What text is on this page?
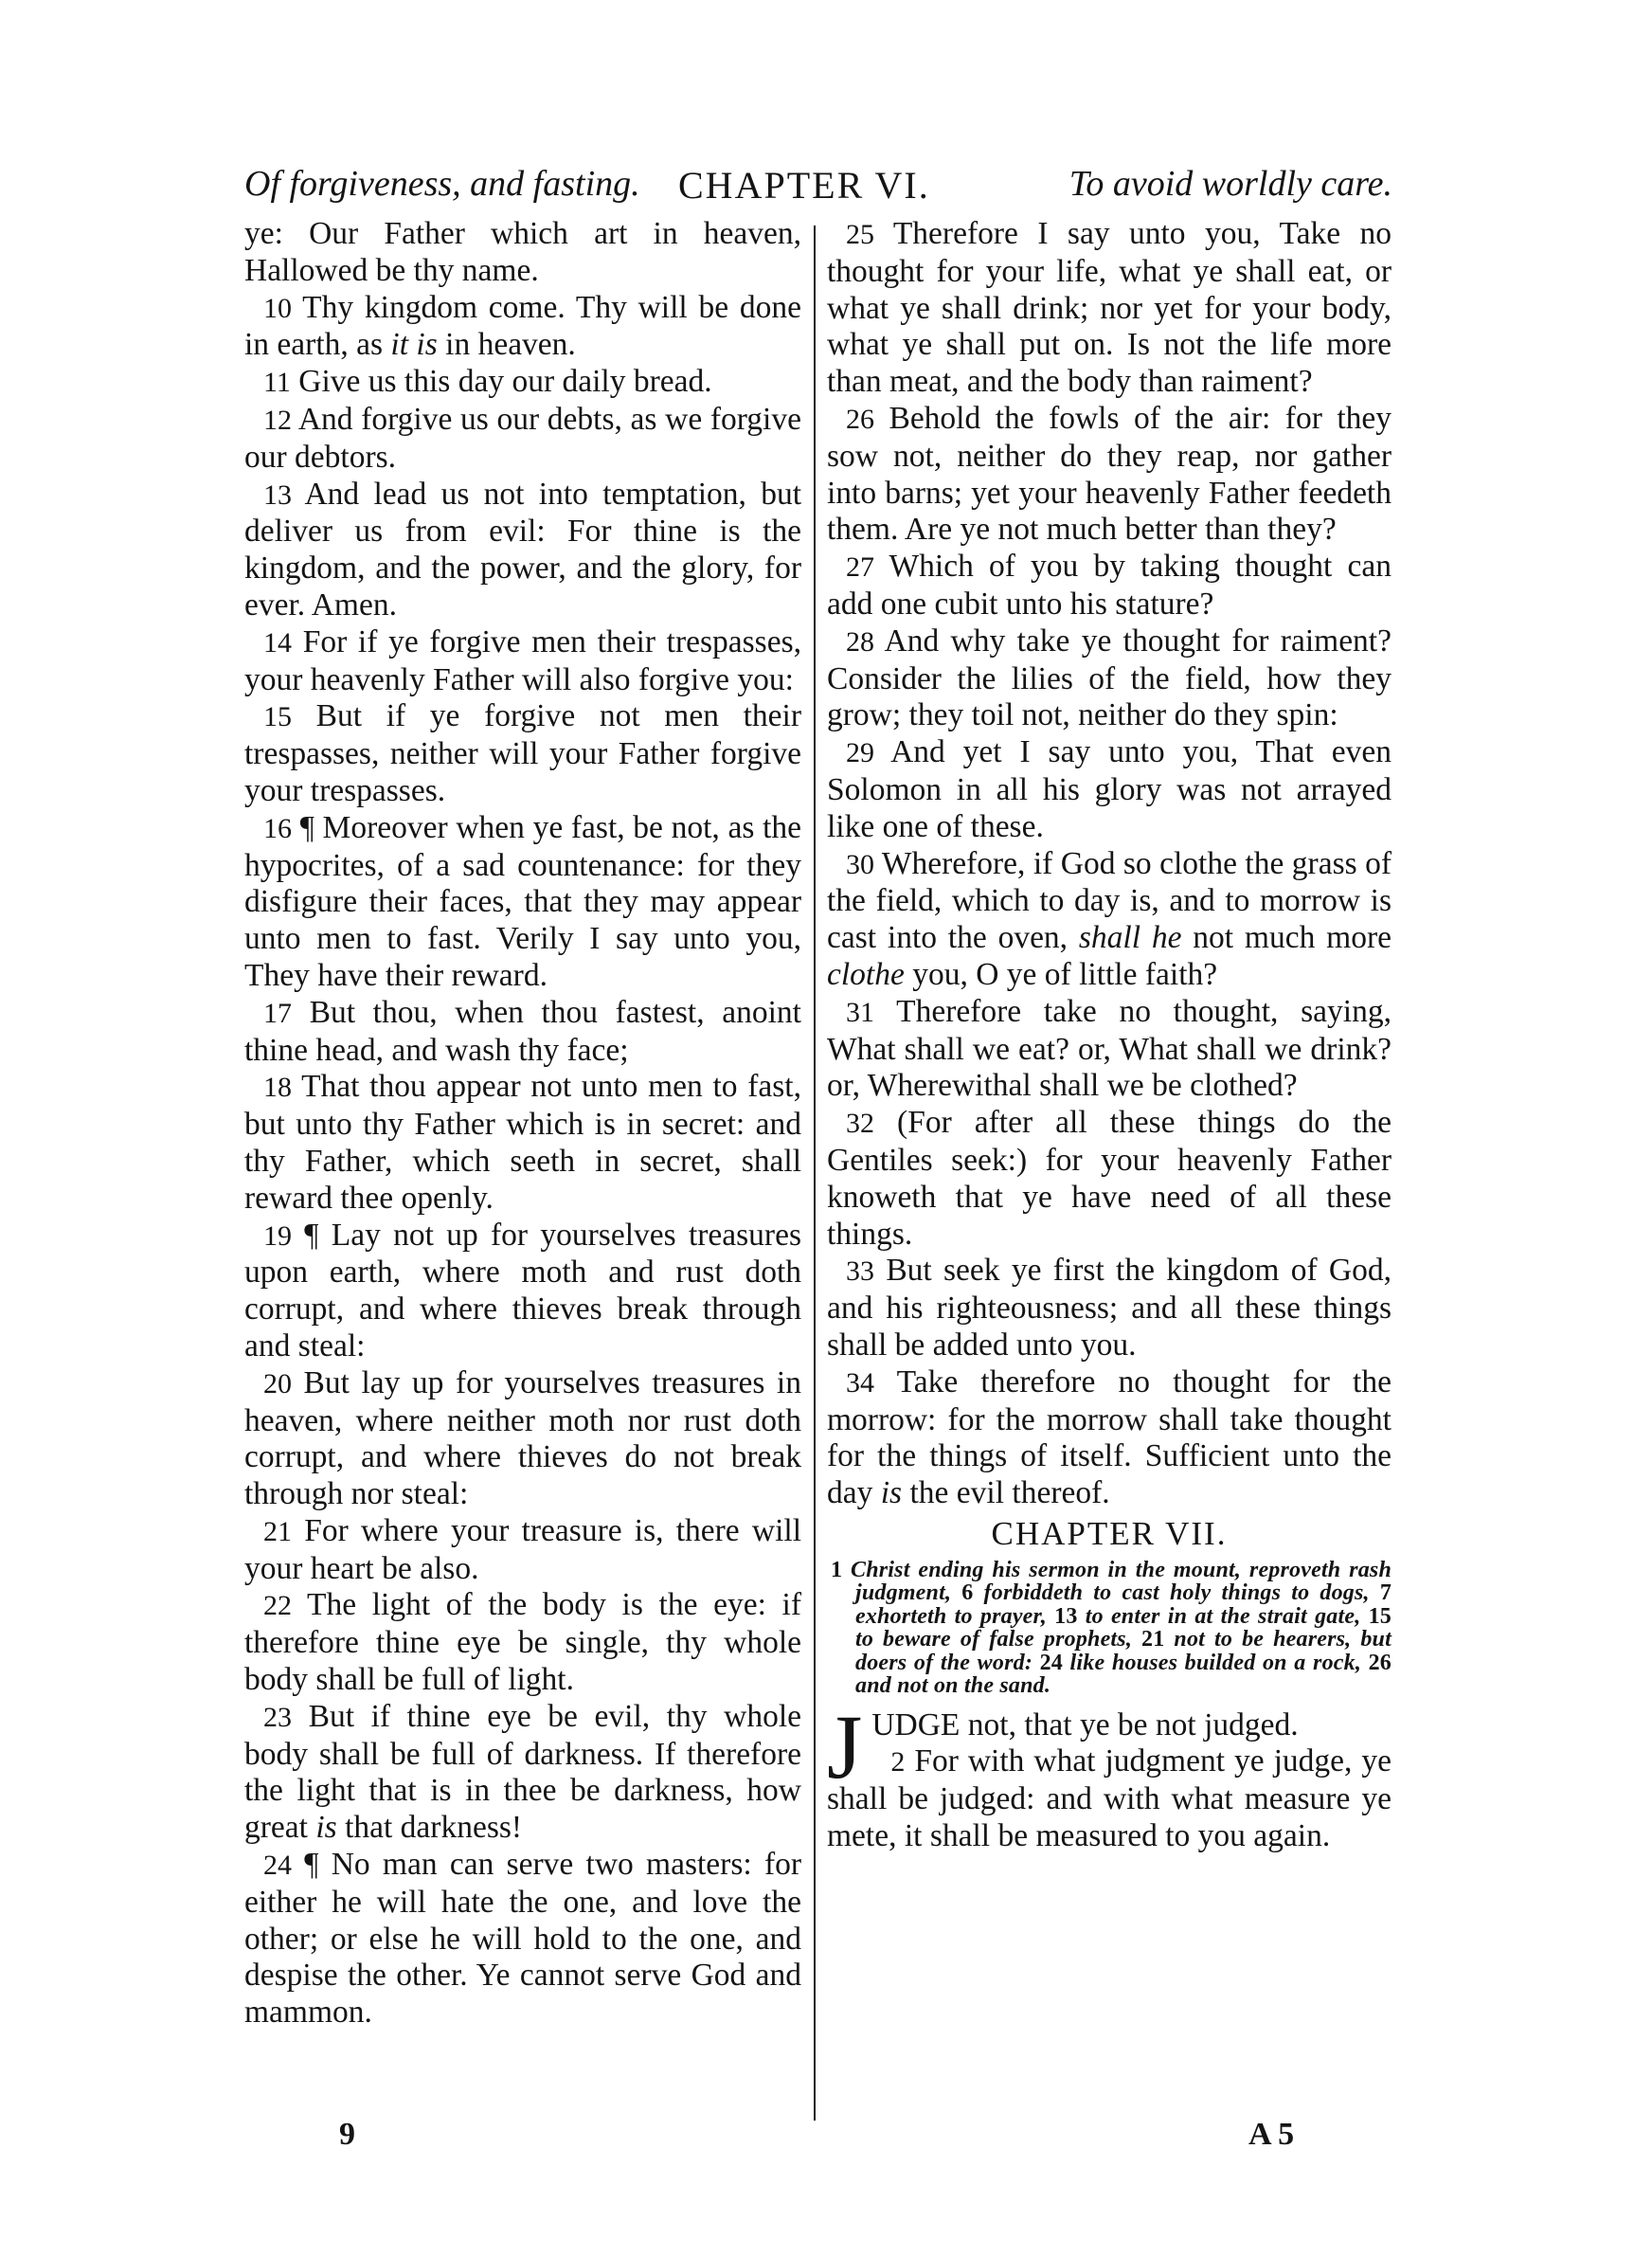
Of forgiveness, and fasting. CHAPTER VI.	To avoid worldly care.

ye: Our Father which art in heaven, Hallowed be thy name.

10 Thy kingdom come. Thy will be done in earth, as it is in heaven.

11 Give us this day our daily bread.

12 And forgive us our debts, as we forgive our debtors.

13 And lead us not into temptation, but deliver us from evil: For thine is the kingdom, and the power, and the glory, for ever. Amen.

14 For if ye forgive men their trespasses, your heavenly Father will also forgive you:

15 But if ye forgive not men their trespasses, neither will your Father forgive your trespasses.

16 ¶ Moreover when ye fast, be not, as the hypocrites, of a sad countenance: for they disfigure their faces, that they may appear unto men to fast. Verily I say unto you, They have their reward.

17 But thou, when thou fastest, anoint thine head, and wash thy face;

18 That thou appear not unto men to fast, but unto thy Father which is in secret: and thy Father, which seeth in secret, shall reward thee openly.

19 ¶ Lay not up for yourselves treasures upon earth, where moth and rust doth corrupt, and where thieves break through and steal:

20 But lay up for yourselves treasures in heaven, where neither moth nor rust doth corrupt, and where thieves do not break through nor steal:

21 For where your treasure is, there will your heart be also.

22 The light of the body is the eye: if therefore thine eye be single, thy whole body shall be full of light.

23 But if thine eye be evil, thy whole body shall be full of darkness. If therefore the light that is in thee be darkness, how great is that darkness!

24 ¶ No man can serve two masters: for either he will hate the one, and love the other; or else he will hold to the one, and despise the other. Ye cannot serve God and mammon.

25 Therefore I say unto you, Take no thought for your life, what ye shall eat, or what ye shall drink; nor yet for your body, what ye shall put on. Is not the life more than meat, and the body than raiment?

26 Behold the fowls of the air: for they sow not, neither do they reap, nor gather into barns; yet your heavenly Father feedeth them. Are ye not much better than they?

27 Which of you by taking thought can add one cubit unto his stature?

28 And why take ye thought for raiment? Consider the lilies of the field, how they grow; they toil not, neither do they spin:

29 And yet I say unto you, That even Solomon in all his glory was not arrayed like one of these.

30 Wherefore, if God so clothe the grass of the field, which to day is, and to morrow is cast into the oven, shall he not much more clothe you, O ye of little faith?

31 Therefore take no thought, saying, What shall we eat? or, What shall we drink? or, Wherewithal shall we be clothed?

32 (For after all these things do the Gentiles seek:) for your heavenly Father knoweth that ye have need of all these things.

33 But seek ye first the kingdom of God, and his righteousness; and all these things shall be added unto you.

34 Take therefore no thought for the morrow: for the morrow shall take thought for the things of itself. Sufficient unto the day is the evil thereof.

CHAPTER VII.

1 Christ ending his sermon in the mount, reproveth rash judgment, 6 forbiddeth to cast holy things to dogs, 7 exhorteth to prayer, 13 to enter in at the strait gate, 15 to beware of false prophets, 21 not to be hearers, but doers of the word: 24 like houses builded on a rock, 26 and not on the sand.

JUDGE not, that ye be not judged.
2 For with what judgment ye judge, ye shall be judged: and with what measure ye mete, it shall be measured to you again.

9	A 5
